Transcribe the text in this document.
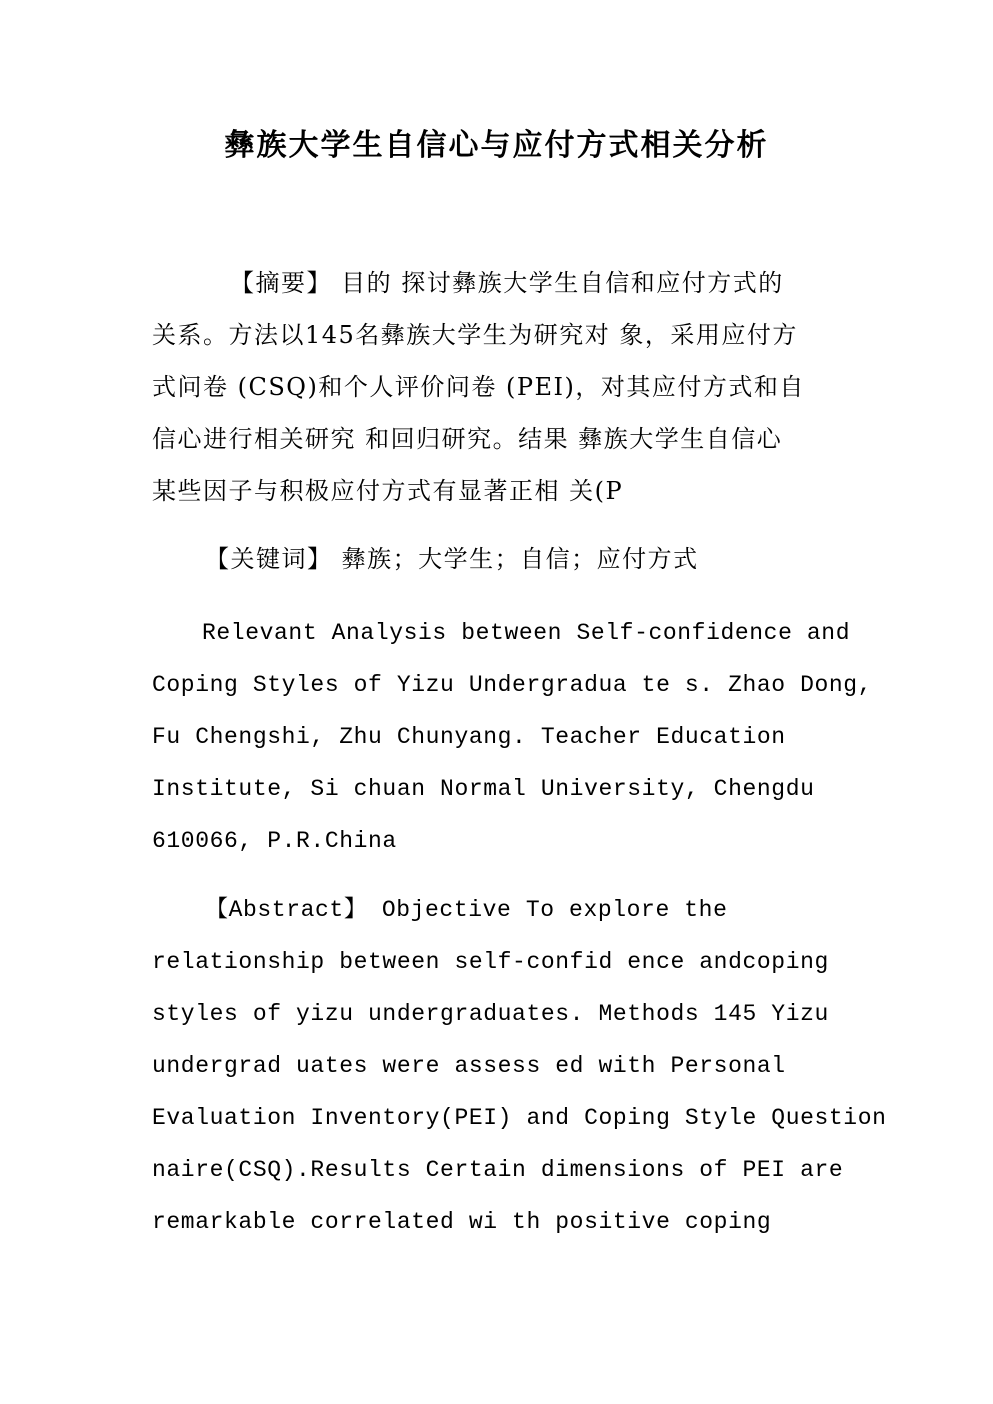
彝族大学生自信心与应付方式相关分析
【摘要】 目的 探讨彝族大学生自信和应付方式的
关系。方法以145名彝族大学生为研究对 象，采用应付方
式问卷 (CSQ)和个人评价问卷 (PEI)，对其应付方式和自
信心进行相关研究 和回归研究。结果 彝族大学生自信心
某些因子与积极应付方式有显著正相 关(P
【关键词】 彝族；大学生；自信；应付方式
Relevant Analysis between Self-confidence and
Coping Styles of Yizu Undergradua te s. Zhao Dong,
Fu Chengshi, Zhu Chunyang. Teacher Education
Institute, Si chuan Normal University, Chengdu
610066, P.R.China
【Abstract】 Objective To explore the
relationship between self-confid ence andcoping
styles of yizu undergraduates. Methods 145 Yizu
undergrad uates were assess ed with Personal
Evaluation Inventory(PEI) and Coping Style Question
naire(CSQ).Results Certain dimensions of PEI are
remarkable correlated wi th positive coping
